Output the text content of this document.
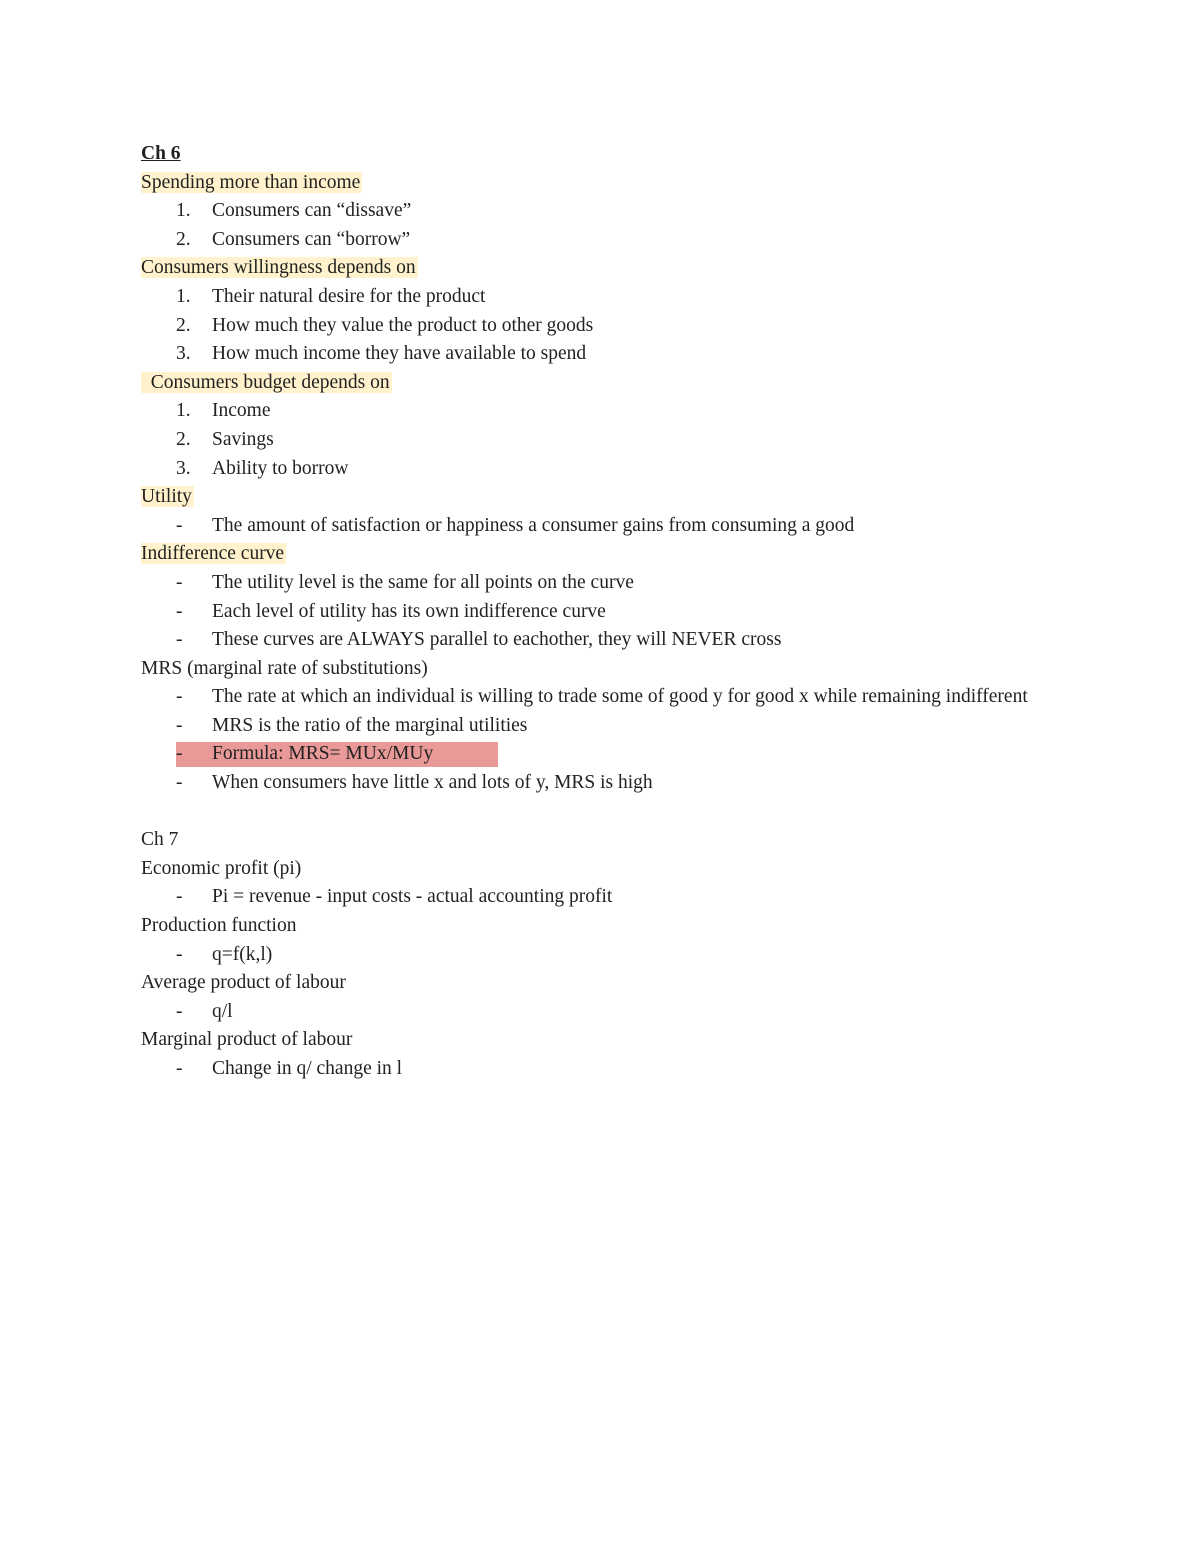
Ch 6
Spending more than income
1.	Consumers can “dissave”
2.	Consumers can “borrow”
Consumers willingness depends on
1.	Their natural desire for the product
2.	How much they value the product to other goods
3.	How much income they have available to spend
Consumers budget depends on
1.	Income
2.	Savings
3.	Ability to borrow
Utility
-	The amount of satisfaction or happiness a consumer gains from consuming a good
Indifference curve
-	The utility level is the same for all points on the curve
-	Each level of utility has its own indifference curve
-	These curves are ALWAYS parallel to eachother, they will NEVER cross
MRS (marginal rate of substitutions)
- The rate at which an individual is willing to trade some of good y for good x while remaining indifferent
-	MRS is the ratio of the marginal utilities
- Formula: MRS= MUx/MUy
-	When consumers have little x and lots of y, MRS is high
Ch 7
Economic profit (pi)
-	Pi = revenue - input costs - actual accounting profit
Production function
-	q=f(k,l)
Average product of labour
-	q/l
Marginal product of labour
-	Change in q/ change in l
